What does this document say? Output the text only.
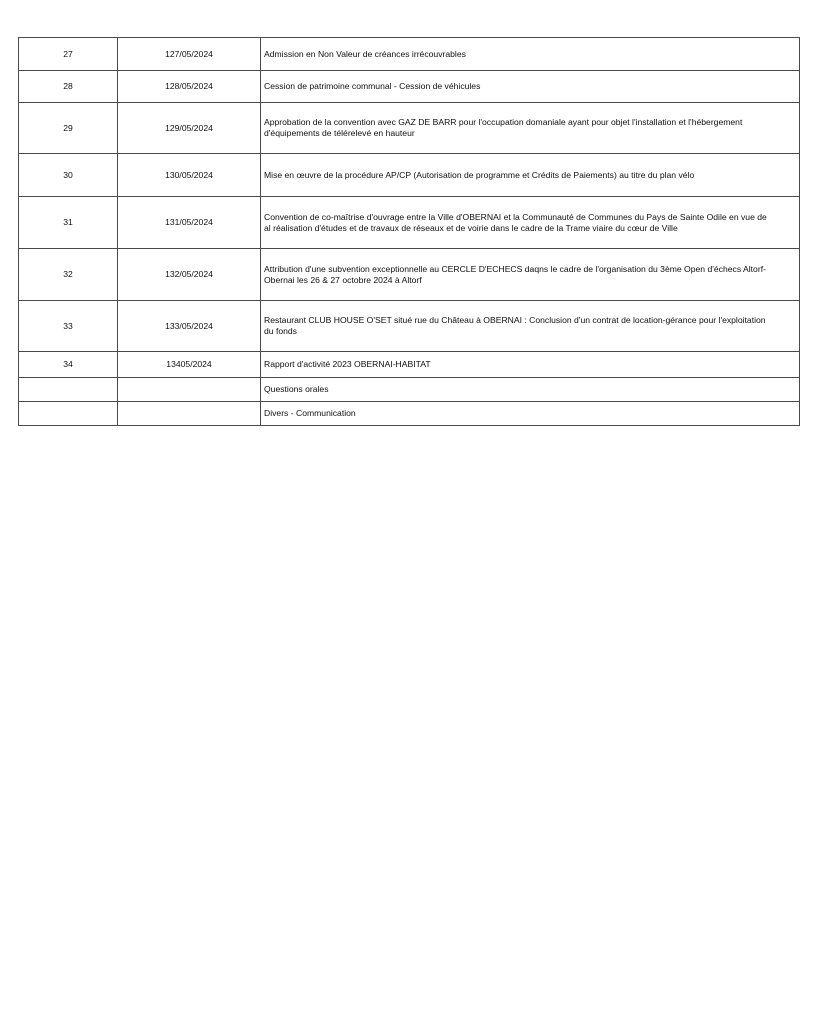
27	127/05/2024	Admission en Non Valeur de créances irrécouvrables

28	128/05/2024	Cession de patrimoine communal - Cession de véhicules

29	129/05/2024	Approbation de la convention avec GAZ DE BARR pour l'occupation domaniale ayant pour objet l'installation et l'hébergement
d'équipements de télérelevé en hauteur

30	130/05/2024	Mise en œuvre de la procédure AP/CP (Autorisation de programme et Crédits de Paiements) au titre du plan vélo

31	131/05/2024	Convention de co-maîtrise d'ouvrage entre la Ville d'OBERNAI et la Communauté de Communes du Pays de Sainte Odile en vue de
al réalisation d'études et de travaux de réseaux et de voirie dans le cadre de la Trame viaire du cœur de Ville

32	132/05/2024	Attribution d'une subvention exceptionnelle au CERCLE D'ECHECS daqns le cadre de l'organisation du 3ème Open d'échecs Altorf-
Obernai les 26 & 27 octobre 2024 à Altorf

33	133/05/2024	Restaurant CLUB HOUSE O'SET situé rue du Château à OBERNAI : Conclusion d'un contrat de location-gérance pour l'exploitation
du fonds

34	13405/2024	Rapport d'activité 2023 OBERNAI-HABITAT

		Questions orales

		Divers - Communication
